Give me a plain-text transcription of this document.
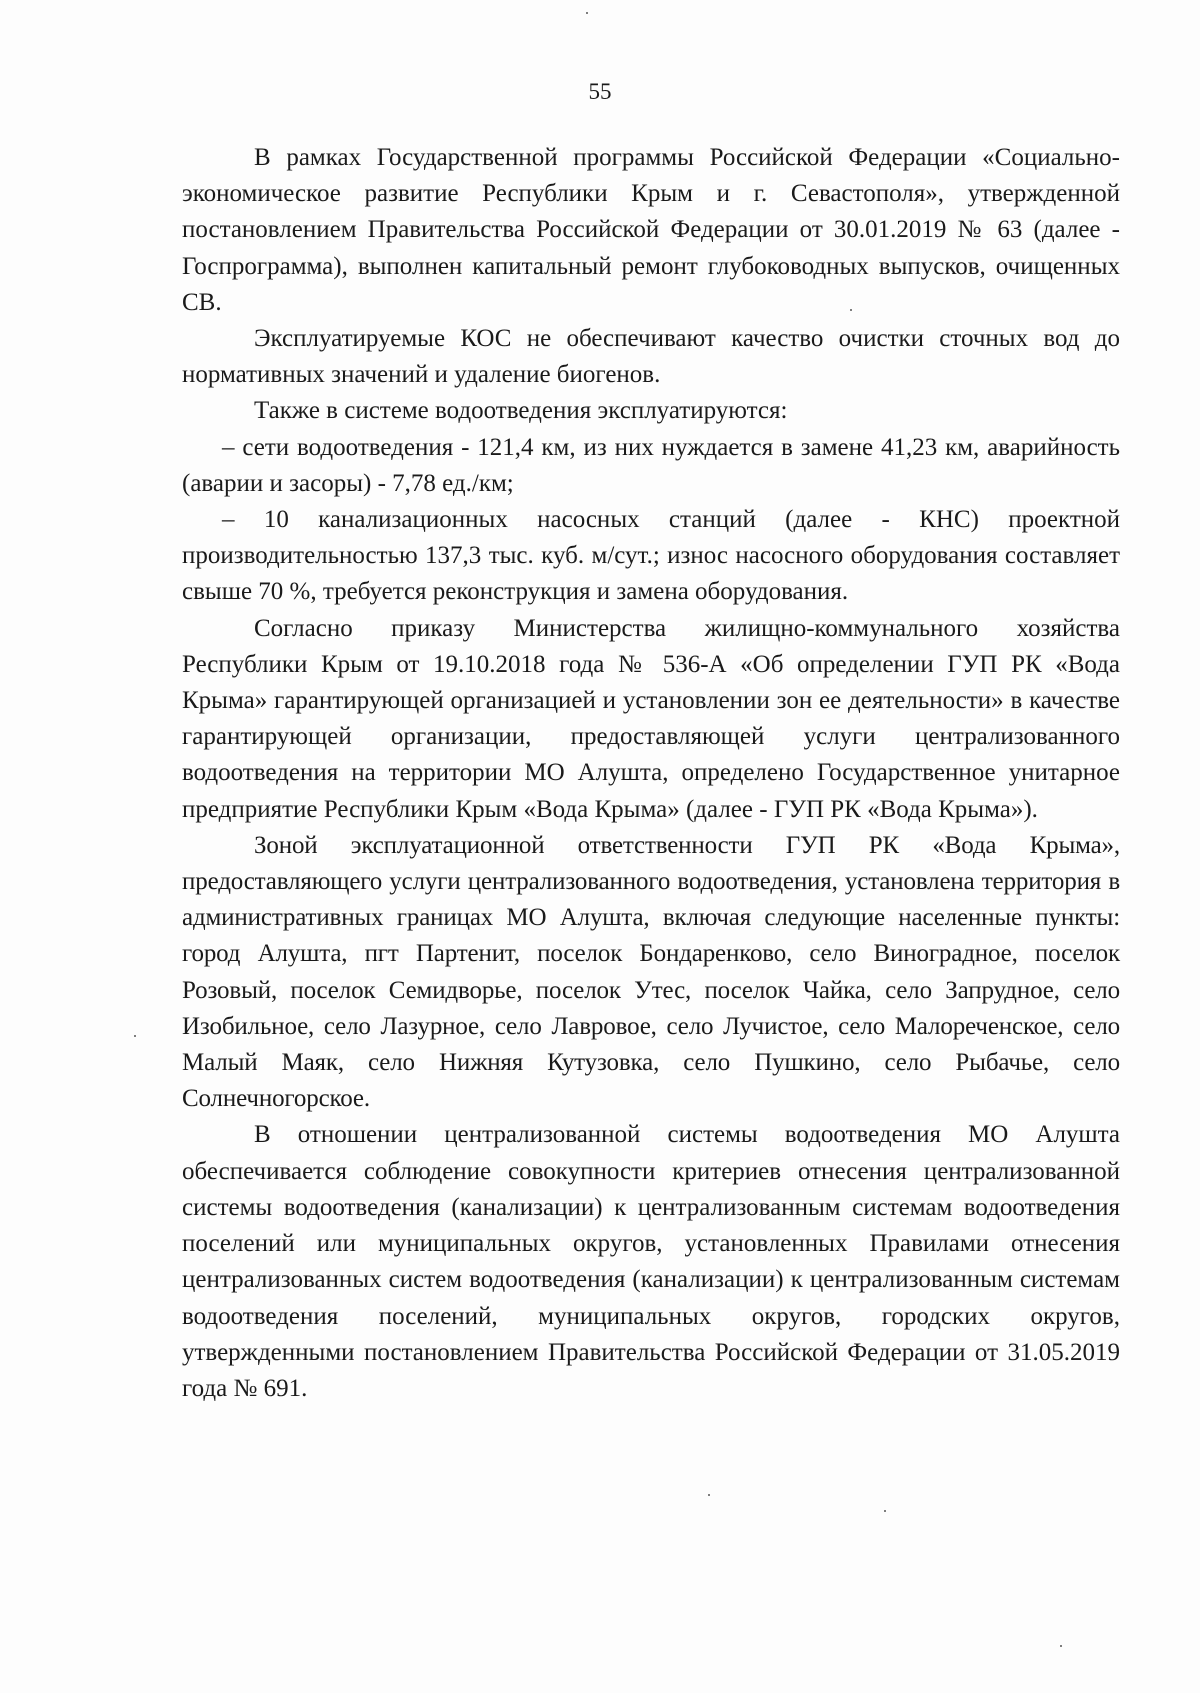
55

В рамках Государственной программы Российской Федерации «Социально-экономическое развитие Республики Крым и г. Севастополя», утвержденной постановлением Правительства Российской Федерации от 30.01.2019 № 63 (далее - Госпрограмма), выполнен капитальный ремонт глубоководных выпусков, очищенных СВ.

Эксплуатируемые КОС не обеспечивают качество очистки сточных вод до нормативных значений и удаление биогенов.

Также в системе водоотведения эксплуатируются:

– сети водоотведения - 121,4 км, из них нуждается в замене 41,23 км, аварийность (аварии и засоры) - 7,78 ед./км;

– 10 канализационных насосных станций (далее - КНС) проектной производительностью 137,3 тыс. куб. м/сут.; износ насосного оборудования составляет свыше 70 %, требуется реконструкция и замена оборудования.

Согласно приказу Министерства жилищно-коммунального хозяйства Республики Крым от 19.10.2018 года № 536-А «Об определении ГУП РК «Вода Крыма» гарантирующей организацией и установлении зон ее деятельности» в качестве гарантирующей организации, предоставляющей услуги централизованного водоотведения на территории МО Алушта, определено Государственное унитарное предприятие Республики Крым «Вода Крыма» (далее - ГУП РК «Вода Крыма»).

Зоной эксплуатационной ответственности ГУП РК «Вода Крыма», предоставляющего услуги централизованного водоотведения, установлена территория в административных границах МО Алушта, включая следующие населенные пункты: город Алушта, пгт Партенит, поселок Бондаренково, село Виноградное, поселок Розовый, поселок Семидворье, поселок Утес, поселок Чайка, село Запрудное, село Изобильное, село Лазурное, село Лавровое, село Лучистое, село Малореченское, село Малый Маяк, село Нижняя Кутузовка, село Пушкино, село Рыбачье, село Солнечногорское.

В отношении централизованной системы водоотведения МО Алушта обеспечивается соблюдение совокупности критериев отнесения централизованной системы водоотведения (канализации) к централизованным системам водоотведения поселений или муниципальных округов, установленных Правилами отнесения централизованных систем водоотведения (канализации) к централизованным системам водоотведения поселений, муниципальных округов, городских округов, утвержденными постановлением Правительства Российской Федерации от 31.05.2019 года № 691.
